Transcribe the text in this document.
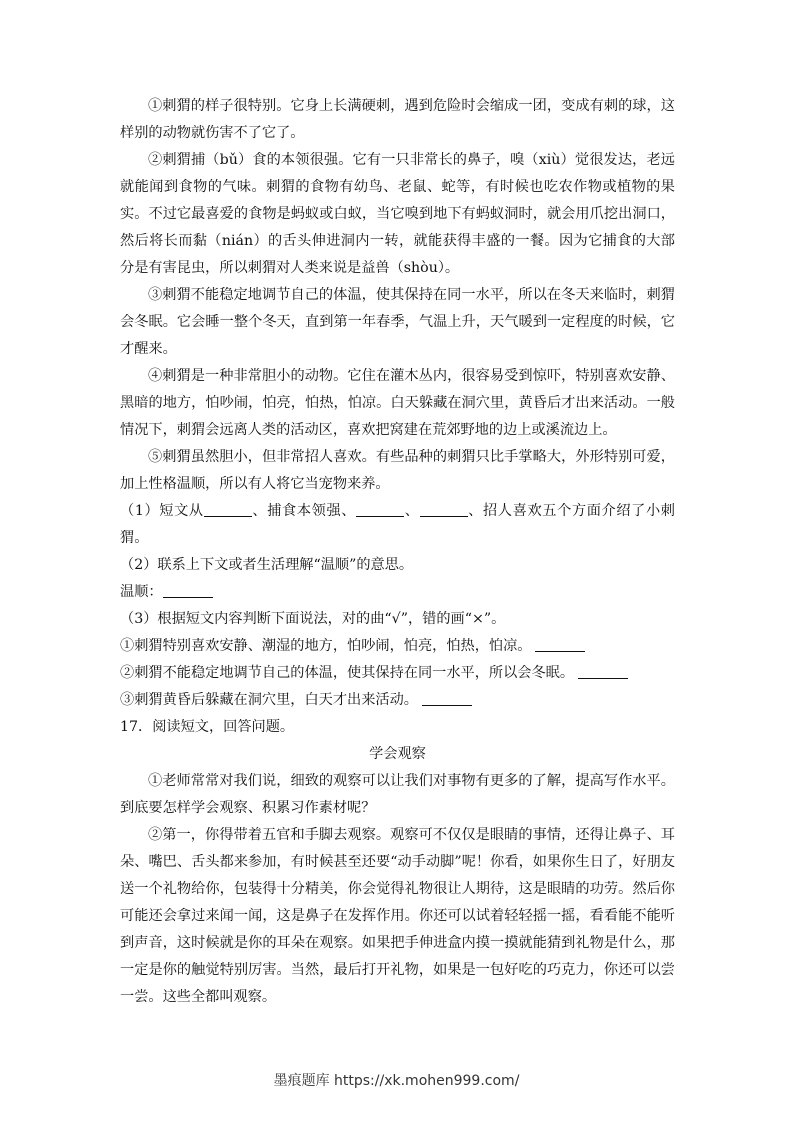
①刺猬的样子很特别。它身上长满硬刺，遇到危险时会缩成一团，变成有刺的球，这样别的动物就伤害不了它了。

②刺猬捕（bǔ）食的本领很强。它有一只非常长的鼻子，嗅（xiù）觉很发达，老远就能闻到食物的气味。刺猬的食物有幼鸟、老鼠、蛇等，有时候也吃农作物或植物的果实。不过它最喜爱的食物是蚂蚁或白蚁，当它嗅到地下有蚂蚁洞时，就会用爪挖出洞口，然后将长而黏（nián）的舌头伸进洞内一转，就能获得丰盛的一餐。因为它捕食的大部分是有害昆虫，所以刺猬对人类来说是益兽（shòu）。

③刺猬不能稳定地调节自己的体温，使其保持在同一水平，所以在冬天来临时，刺猬会冬眠。它会睡一整个冬天，直到第一年春季，气温上升，天气暖到一定程度的时候，它才醒来。

④刺猬是一种非常胆小的动物。它住在灌木丛内，很容易受到惊吓，特别喜欢安静、黑暗的地方，怕吵闹，怕亮，怕热，怕凉。白天躲藏在洞穴里，黄昏后才出来活动。一般情况下，刺猬会远离人类的活动区，喜欢把窝建在荒郊野地的边上或溪流边上。

⑤刺猬虽然胆小，但非常招人喜欢。有些品种的刺猬只比手掌略大，外形特别可爱，加上性格温顺，所以有人将它当宠物来养。

（1）短文从	、捕食本领强、	、	、招人喜欢五个方面介绍了小刺猬。

（2）联系上下文或者生活理解“温顺”的意思。

温顺：

（3）根据短文内容判断下面说法，对的曲“√”，错的画“×”。

①刺猬特别喜欢安静、潮湿的地方，怕吵闹，怕亮，怕热，怕凉。

②刺猬不能稳定地调节自己的体温，使其保持在同一水平，所以会冬眠。

③刺猬黄昏后躲藏在洞穴里，白天才出来活动。

17．阅读短文，回答问题。

学会观察

①老师常常对我们说，细致的观察可以让我们对事物有更多的了解，提高写作水平。到底要怎样学会观察、积累习作素材呢？

②第一，你得带着五官和手脚去观察。观察可不仅仅是眼睛的事情，还得让鼻子、耳朵、嘴巴、舌头都来参加，有时候甚至还要“动手动脚”呢！你看，如果你生日了，好朋友送一个礼物给你，包装得十分精美，你会觉得礼物很让人期待，这是眼睛的功劳。然后你可能还会拿过来闻一闻，这是鼻子在发挥作用。你还可以试着轻轻摇一摇，看看能不能听到声音，这时候就是你的耳朵在观察。如果把手伸进盒内摸一摸就能猜到礼物是什么，那一定是你的触觉特别厉害。当然，最后打开礼物，如果是一包好吃的巧克力，你还可以尝一尝。这些全都叫观察。

墨痕题库 https://xk.mohen999.com/
